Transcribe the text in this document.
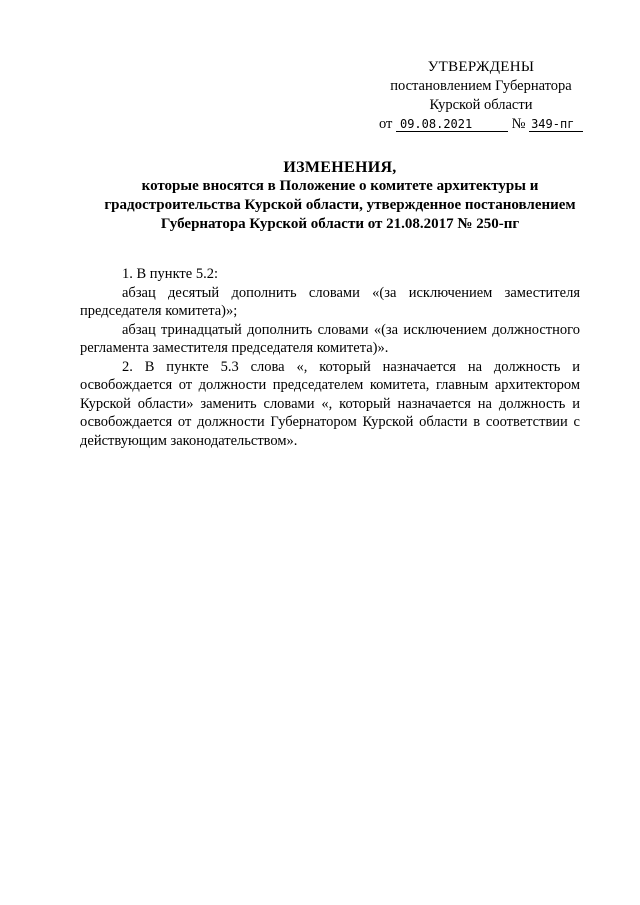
УТВЕРЖДЕНЫ
постановлением Губернатора
Курской области
от 09.08.2021	№ 349-пг
ИЗМЕНЕНИЯ,
которые вносятся в Положение о комитете архитектуры и
градостроительства Курской области, утвержденное постановлением
Губернатора Курской области от 21.08.2017 № 250-пг

1. В пункте 5.2:

абзац десятый дополнить словами «(за исключением заместителя председателя комитета)»;

абзац тринадцатый дополнить словами «(за исключением должностного регламента заместителя председателя комитета)».

2. В пункте 5.3 слова «, который назначается на должность и освобождается от должности председателем комитета, главным архитектором Курской области» заменить словами «, который назначается на должность и освобождается от должности Губернатором Курской области в соответствии с действующим законодательством».
